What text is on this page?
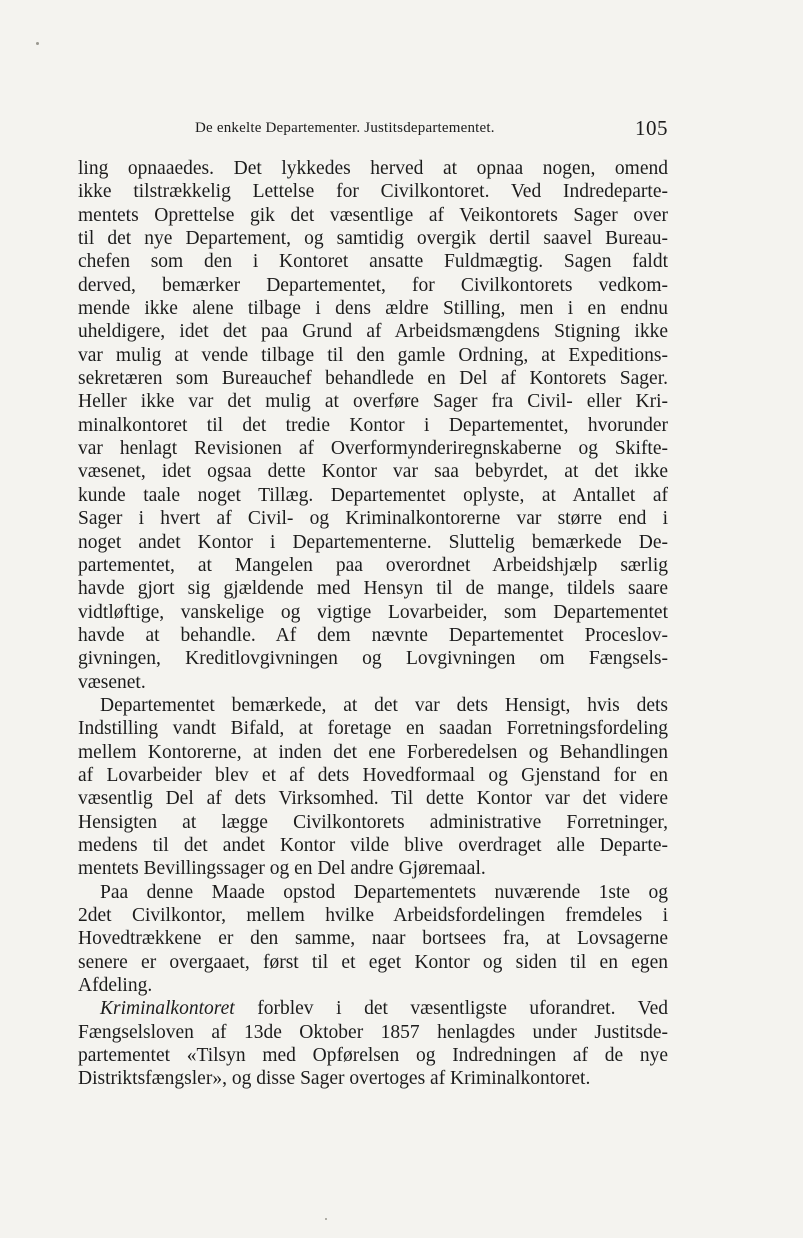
De enkelte Departementer. Justitsdepartementet.	105
ling opnaaedes. Det lykkedes herved at opnaa nogen, omend
ikke tilstrækkelig Lettelse for Civilkontoret. Ved Indredeparte-
mentets Oprettelse gik det væsentlige af Veikontorets Sager over
til det nye Departement, og samtidig overgik dertil saavel Bureau-
chefen som den i Kontoret ansatte Fuldmægtig. Sagen faldt
derved, bemærker Departementet, for Civilkontorets vedkom-
mende ikke alene tilbage i dens ældre Stilling, men i en endnu
uheldigere, idet det paa Grund af Arbeidsmængdens Stigning ikke
var mulig at vende tilbage til den gamle Ordning, at Expeditions-
sekretæren som Bureauchef behandlede en Del af Kontorets Sager.
Heller ikke var det mulig at overføre Sager fra Civil- eller Kri-
minalkontoret til det tredie Kontor i Departementet, hvorunder
var henlagt Revisionen af Overformynderiregnskaberne og Skifte-
væsenet, idet ogsaa dette Kontor var saa bebyrdet, at det ikke
kunde taale noget Tillæg. Departementet oplyste, at Antallet af
Sager i hvert af Civil- og Kriminalkontorerne var større end i
noget andet Kontor i Departementerne. Sluttelig bemærkede De-
partementet, at Mangelen paa overordnet Arbeidshjælp særlig
havde gjort sig gjældende med Hensyn til de mange, tildels saare
vidtløftige, vanskelige og vigtige Lovarbeider, som Departementet
havde at behandle. Af dem nævnte Departementet Proceslov-
givningen, Kreditlovgivningen og Lovgivningen om Fængsels-
væsenet.
Departementet bemærkede, at det var dets Hensigt, hvis dets
Indstilling vandt Bifald, at foretage en saadan Forretningsfordeling
mellem Kontorerne, at inden det ene Forberedelsen og Behandlingen
af Lovarbeider blev et af dets Hovedformaal og Gjenstand for en
væsentlig Del af dets Virksomhed. Til dette Kontor var det videre
Hensigten at lægge Civilkontorets administrative Forretninger,
medens til det andet Kontor vilde blive overdraget alle Departe-
mentets Bevillingssager og en Del andre Gjøremaal.
Paa denne Maade opstod Departementets nuværende 1ste og
2det Civilkontor, mellem hvilke Arbeidsfordelingen fremdeles i
Hovedtrækkene er den samme, naar bortsees fra, at Lovsagerne
senere er overgaaet, først til et eget Kontor og siden til en egen
Afdeling.
Kriminalkontoret forblev i det væsentligste uforandret. Ved
Fængselsloven af 13de Oktober 1857 henlagdes under Justitsde-
partementet «Tilsyn med Opførelsen og Indredningen af de nye
Distriktsfængsler», og disse Sager overtoges af Kriminalkontoret.
